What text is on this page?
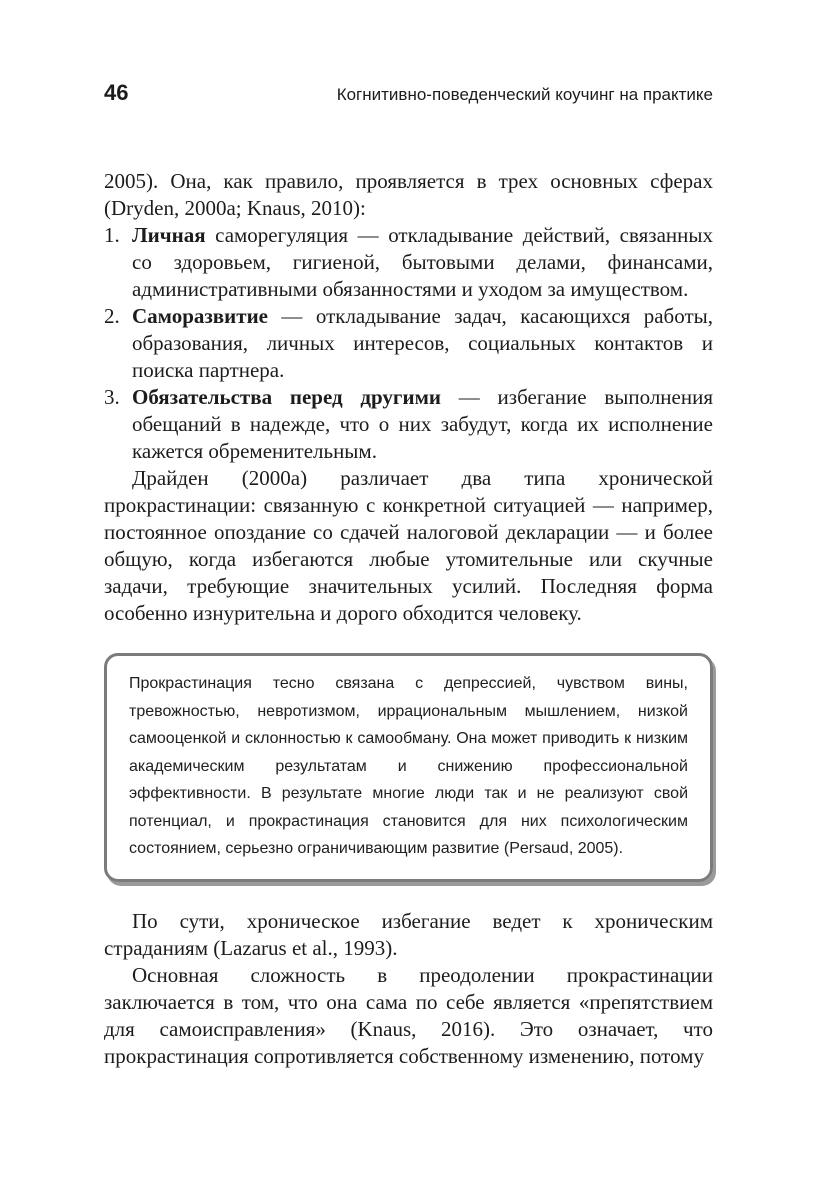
46	Когнитивно-поведенческий коучинг на практике

2005). Она, как правило, проявляется в трех основных сферах (Dryden, 2000a; Knaus, 2010):

1. Личная саморегуляция — откладывание действий, связанных со здоровьем, гигиеной, бытовыми делами, финансами, административными обязанностями и уходом за имуществом.
2. Саморазвитие — откладывание задач, касающихся работы, образования, личных интересов, социальных контактов и поиска партнера.
3. Обязательства перед другими — избегание выполнения обещаний в надежде, что о них забудут, когда их исполнение кажется обременительным.

Драйден (2000a) различает два типа хронической прокрастинации: связанную с конкретной ситуацией — например, постоянное опоздание со сдачей налоговой декларации — и более общую, когда избегаются любые утомительные или скучные задачи, требующие значительных усилий. Последняя форма особенно изнурительна и дорого обходится человеку.

Прокрастинация тесно связана с депрессией, чувством вины, тревожностью, невротизмом, иррациональным мышлением, низкой самооценкой и склонностью к самообману. Она может приводить к низким академическим результатам и снижению профессиональной эффективности. В результате многие люди так и не реализуют свой потенциал, и прокрастинация становится для них психологическим состоянием, серьезно ограничивающим развитие (Persaud, 2005).

По сути, хроническое избегание ведет к хроническим страданиям (Lazarus et al., 1993).

Основная сложность в преодолении прокрастинации заключается в том, что она сама по себе является «препятствием для самоисправления» (Knaus, 2016). Это означает, что прокрастинация сопротивляется собственному изменению, потому
